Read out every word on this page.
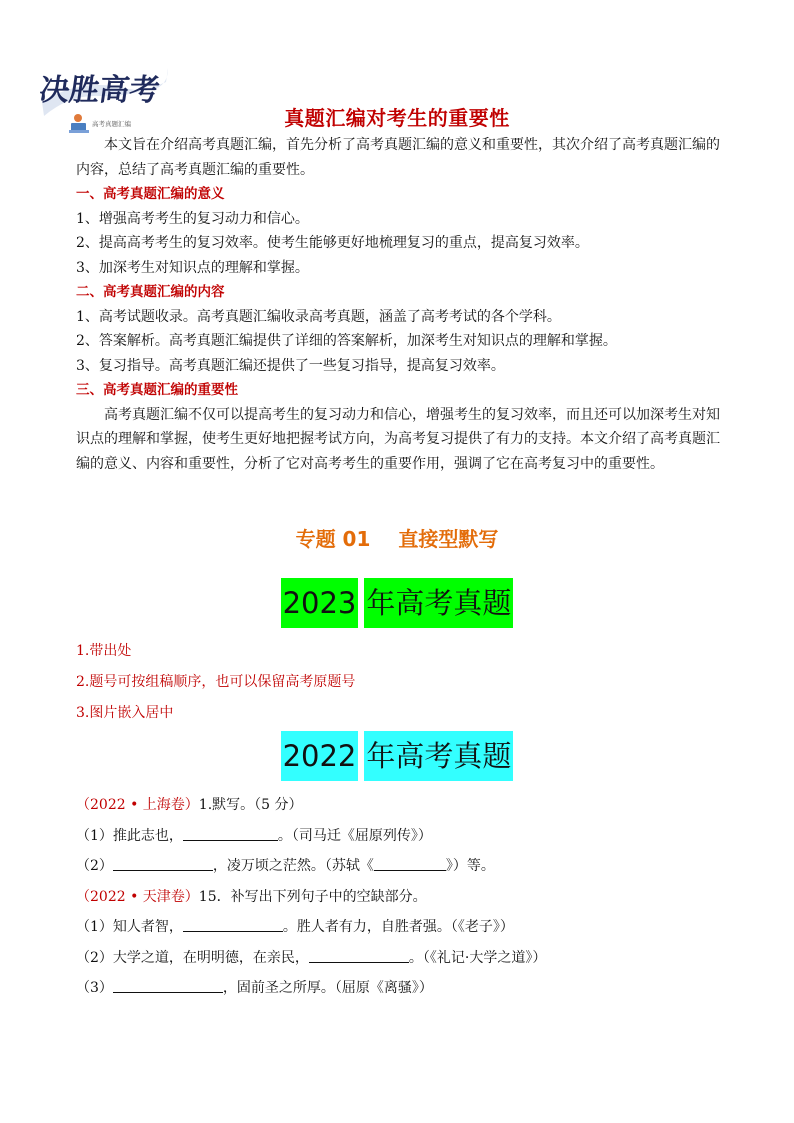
决胜高考
高考真题汇编	真题汇编对考生的重要性

本文旨在介绍高考真题汇编，首先分析了高考真题汇编的意义和重要性，其次介绍了高考真题汇编的内容，总结了高考真题汇编的重要性。

一、高考真题汇编的意义

1、增强高考考生的复习动力和信心。

2、提高高考考生的复习效率。使考生能够更好地梳理复习的重点，提高复习效率。

3、加深考生对知识点的理解和掌握。

二、高考真题汇编的内容

1、高考试题收录。高考真题汇编收录高考真题，涵盖了高考考试的各个学科。

2、答案解析。高考真题汇编提供了详细的答案解析，加深考生对知识点的理解和掌握。

3、复习指导。高考真题汇编还提供了一些复习指导，提高复习效率。

三、高考真题汇编的重要性

高考真题汇编不仅可以提高考生的复习动力和信心，增强考生的复习效率，而且还可以加深考生对知识点的理解和掌握，使考生更好地把握考试方向，为高考复习提供了有力的支持。本文介绍了高考真题汇编的意义、内容和重要性，分析了它对高考考生的重要作用，强调了它在高考复习中的重要性。

专题 01 直接型默写
2023 年高考真题

1.带出处

2.题号可按组稿顺序，也可以保留高考原题号

3.图片嵌入居中

2022 年高考真题

（2022 • 上海卷）1.默写。（5 分）

（1）推此志也，	。（司马迁《屈原列传》）

（2）	，凌万顷之茫然。（苏轼《	》）等。

（2022 • 天津卷）15．补写出下列句子中的空缺部分。

（1）知人者智，	。胜人者有力，自胜者强。（《老子》）

（2）大学之道，在明明德，在亲民，	。（《礼记·大学之道》）

（3）	，固前圣之所厚。（屈原《离骚》）
